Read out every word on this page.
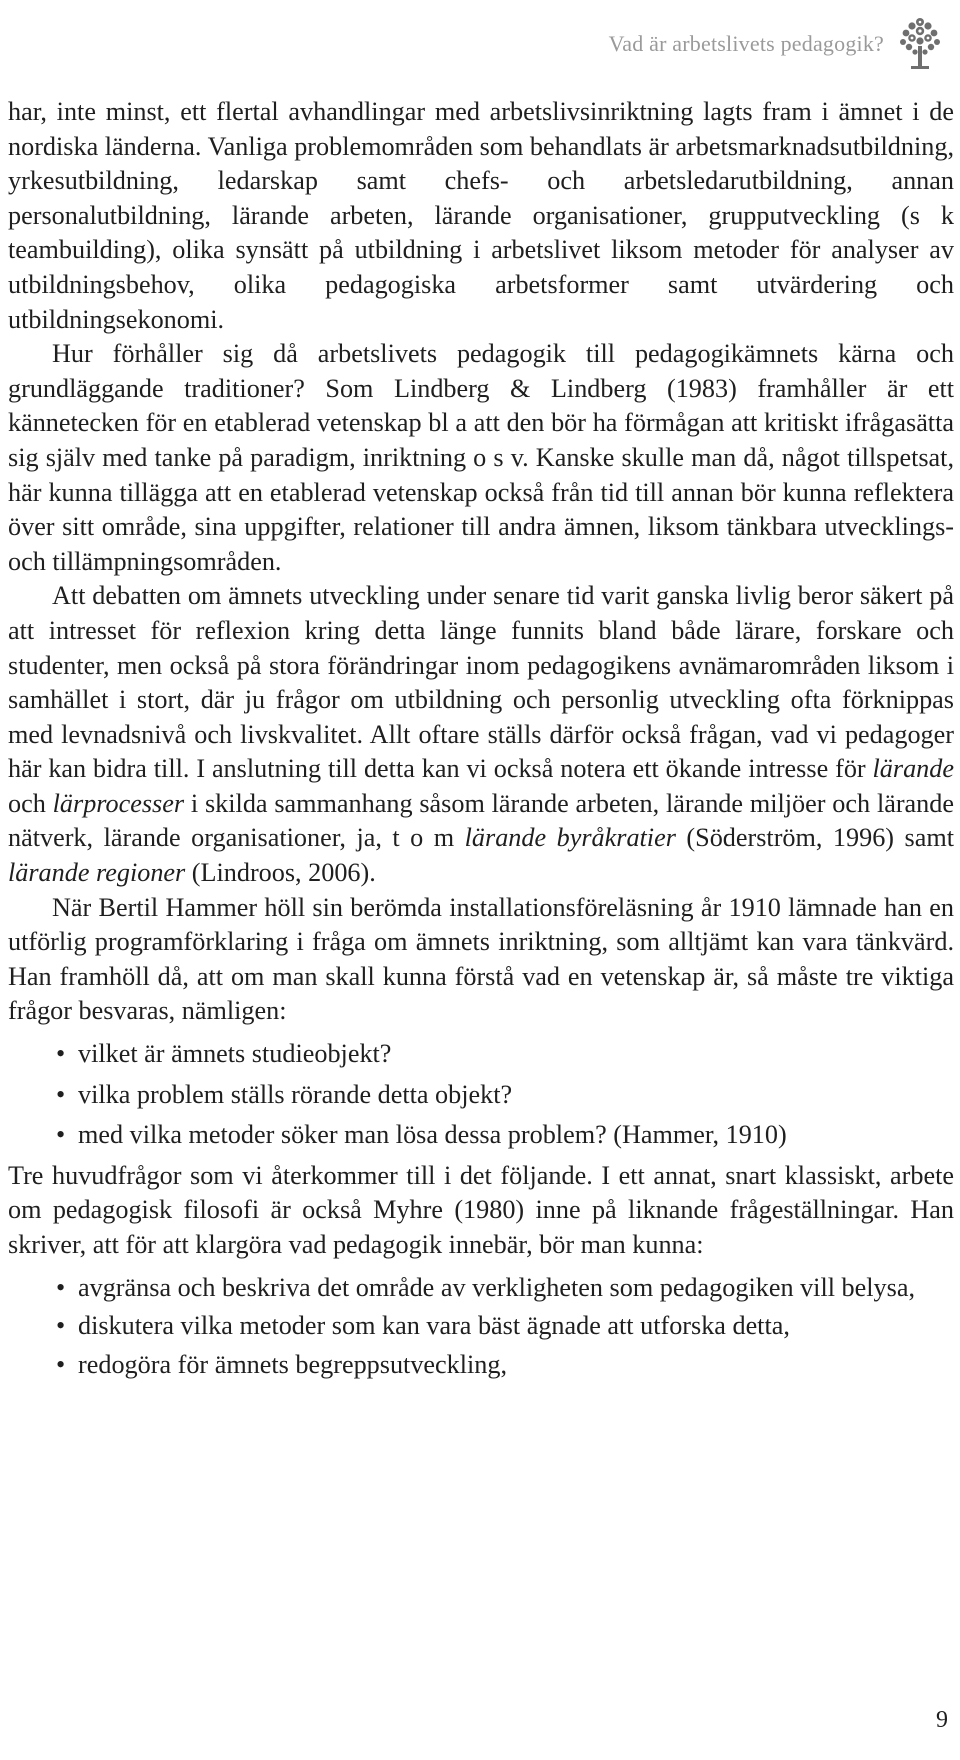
Vad är arbetslivets pedagogik?

har, inte minst, ett flertal avhandlingar med arbetslivsinriktning lagts fram i ämnet i de nordiska länderna. Vanliga problemområden som behandlats är arbetsmarknadsutbildning, yrkesutbildning, ledarskap samt chefs- och arbetsledarutbildning, annan personalutbildning, lärande arbeten, lärande organisationer, grupputveckling (s k teambuilding), olika synsätt på utbildning i arbetslivet liksom metoder för analyser av utbildningsbehov, olika pedagogiska arbetsformer samt utvärdering och utbildningsekonomi.

Hur förhåller sig då arbetslivets pedagogik till pedagogikämnets kärna och grundläggande traditioner? Som Lindberg & Lindberg (1983) framhåller är ett kännetecken för en etablerad vetenskap bl a att den bör ha förmågan att kritiskt ifrågasätta sig själv med tanke på paradigm, inriktning o s v. Kanske skulle man då, något tillspetsat, här kunna tillägga att en etablerad vetenskap också från tid till annan bör kunna reflektera över sitt område, sina uppgifter, relationer till andra ämnen, liksom tänkbara utvecklings- och tillämpningsområden.

Att debatten om ämnets utveckling under senare tid varit ganska livlig beror säkert på att intresset för reflexion kring detta länge funnits bland både lärare, forskare och studenter, men också på stora förändringar inom pedagogikens avnämarområden liksom i samhället i stort, där ju frågor om utbildning och personlig utveckling ofta förknippas med levnadsnivå och livskvalitet. Allt oftare ställs därför också frågan, vad vi pedagoger här kan bidra till. I anslutning till detta kan vi också notera ett ökande intresse för lärande och lärprocesser i skilda sammanhang såsom lärande arbeten, lärande miljöer och lärande nätverk, lärande organisationer, ja, t o m lärande byråkratier (Söderström, 1996) samt lärande regioner (Lindroos, 2006).

När Bertil Hammer höll sin berömda installationsföreläsning år 1910 lämnade han en utförlig programförklaring i fråga om ämnets inriktning, som alltjämt kan vara tänkvärd. Han framhöll då, att om man skall kunna förstå vad en vetenskap är, så måste tre viktiga frågor besvaras, nämligen:

• vilket är ämnets studieobjekt?
• vilka problem ställs rörande detta objekt?
• med vilka metoder söker man lösa dessa problem? (Hammer, 1910)

Tre huvudfrågor som vi återkommer till i det följande. I ett annat, snart klassiskt, arbete om pedagogisk filosofi är också Myhre (1980) inne på liknande frågeställningar. Han skriver, att för att klargöra vad pedagogik innebär, bör man kunna:

• avgränsa och beskriva det område av verkligheten som pedagogiken vill belysa,
• diskutera vilka metoder som kan vara bäst ägnade att utforska detta,
• redogöra för ämnets begreppsutveckling,
9
